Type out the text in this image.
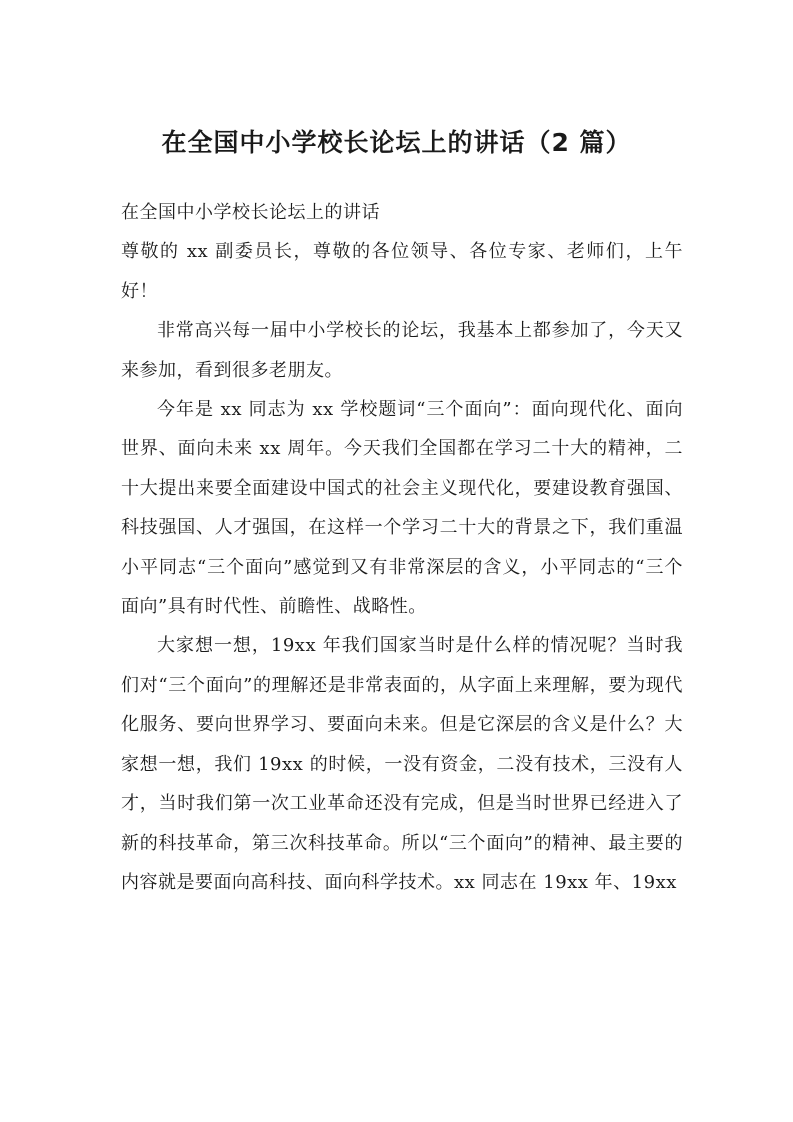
在全国中小学校长论坛上的讲话（2 篇）

在全国中小学校长论坛上的讲话

尊敬的 xx 副委员长，尊敬的各位领导、各位专家、老师们，上午好！

非常高兴每一届中小学校长的论坛，我基本上都参加了，今天又来参加，看到很多老朋友。

今年是 xx 同志为 xx 学校题词“三个面向”：面向现代化、面向世界、面向未来 xx 周年。今天我们全国都在学习二十大的精神，二十大提出来要全面建设中国式的社会主义现代化，要建设教育强国、科技强国、人才强国，在这样一个学习二十大的背景之下，我们重温小平同志“三个面向”感觉到又有非常深层的含义，小平同志的“三个面向”具有时代性、前瞻性、战略性。

大家想一想，19xx 年我们国家当时是什么样的情况呢？当时我们对“三个面向”的理解还是非常表面的，从字面上来理解，要为现代化服务、要向世界学习、要面向未来。但是它深层的含义是什么？大家想一想，我们 19xx 的时候，一没有资金，二没有技术，三没有人才，当时我们第一次工业革命还没有完成，但是当时世界已经进入了新的科技革命，第三次科技革命。所以“三个面向”的精神、最主要的内容就是要面向高科技、面向科学技术。xx 同志在 19xx 年、19xx
